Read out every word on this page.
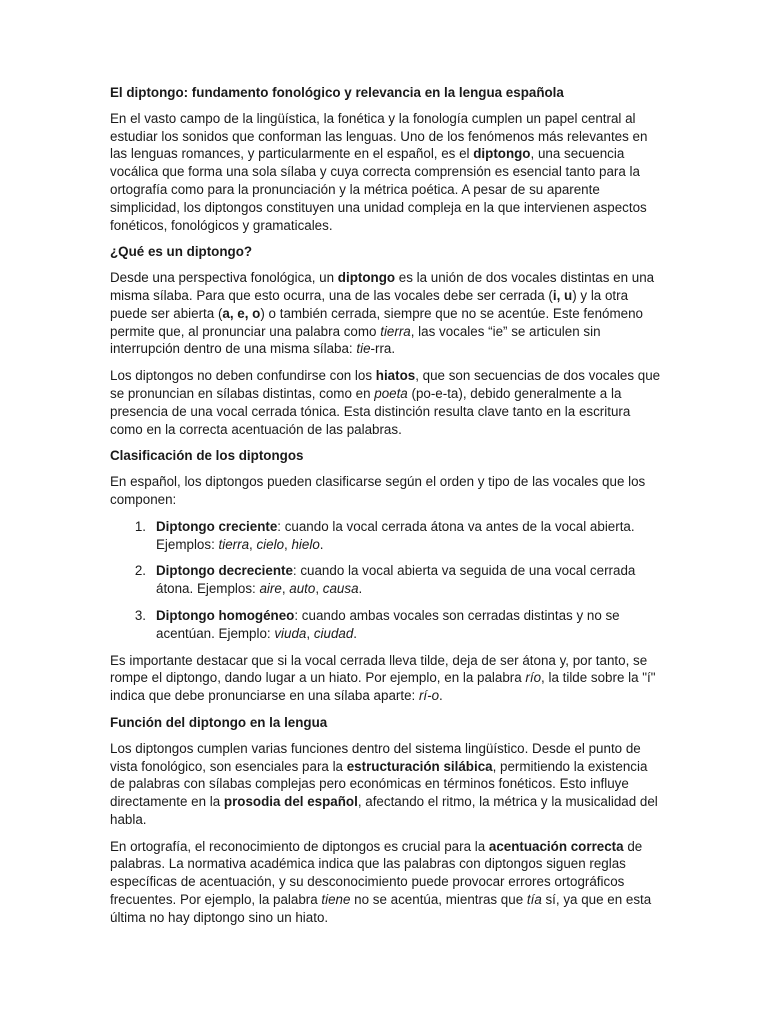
El diptongo: fundamento fonológico y relevancia en la lengua española

En el vasto campo de la lingüística, la fonética y la fonología cumplen un papel central al estudiar los sonidos que conforman las lenguas. Uno de los fenómenos más relevantes en las lenguas romances, y particularmente en el español, es el diptongo, una secuencia vocálica que forma una sola sílaba y cuya correcta comprensión es esencial tanto para la ortografía como para la pronunciación y la métrica poética. A pesar de su aparente simplicidad, los diptongos constituyen una unidad compleja en la que intervienen aspectos fonéticos, fonológicos y gramaticales.

¿Qué es un diptongo?

Desde una perspectiva fonológica, un diptongo es la unión de dos vocales distintas en una misma sílaba. Para que esto ocurra, una de las vocales debe ser cerrada (i, u) y la otra puede ser abierta (a, e, o) o también cerrada, siempre que no se acentúe. Este fenómeno permite que, al pronunciar una palabra como tierra, las vocales “ie” se articulen sin interrupción dentro de una misma sílaba: tie-rra.

Los diptongos no deben confundirse con los hiatos, que son secuencias de dos vocales que se pronuncian en sílabas distintas, como en poeta (po-e-ta), debido generalmente a la presencia de una vocal cerrada tónica. Esta distinción resulta clave tanto en la escritura como en la correcta acentuación de las palabras.

Clasificación de los diptongos

En español, los diptongos pueden clasificarse según el orden y tipo de las vocales que los componen:

1. Diptongo creciente: cuando la vocal cerrada átona va antes de la vocal abierta. Ejemplos: tierra, cielo, hielo.
2. Diptongo decreciente: cuando la vocal abierta va seguida de una vocal cerrada átona. Ejemplos: aire, auto, causa.
3. Diptongo homogéneo: cuando ambas vocales son cerradas distintas y no se acentúan. Ejemplo: viuda, ciudad.

Es importante destacar que si la vocal cerrada lleva tilde, deja de ser átona y, por tanto, se rompe el diptongo, dando lugar a un hiato. Por ejemplo, en la palabra río, la tilde sobre la "í" indica que debe pronunciarse en una sílaba aparte: rí-o.

Función del diptongo en la lengua

Los diptongos cumplen varias funciones dentro del sistema lingüístico. Desde el punto de vista fonológico, son esenciales para la estructuración silábica, permitiendo la existencia de palabras con sílabas complejas pero económicas en términos fonéticos. Esto influye directamente en la prosodia del español, afectando el ritmo, la métrica y la musicalidad del habla.

En ortografía, el reconocimiento de diptongos es crucial para la acentuación correcta de palabras. La normativa académica indica que las palabras con diptongos siguen reglas específicas de acentuación, y su desconocimiento puede provocar errores ortográficos frecuentes. Por ejemplo, la palabra tiene no se acentúa, mientras que tía sí, ya que en esta última no hay diptongo sino un hiato.
